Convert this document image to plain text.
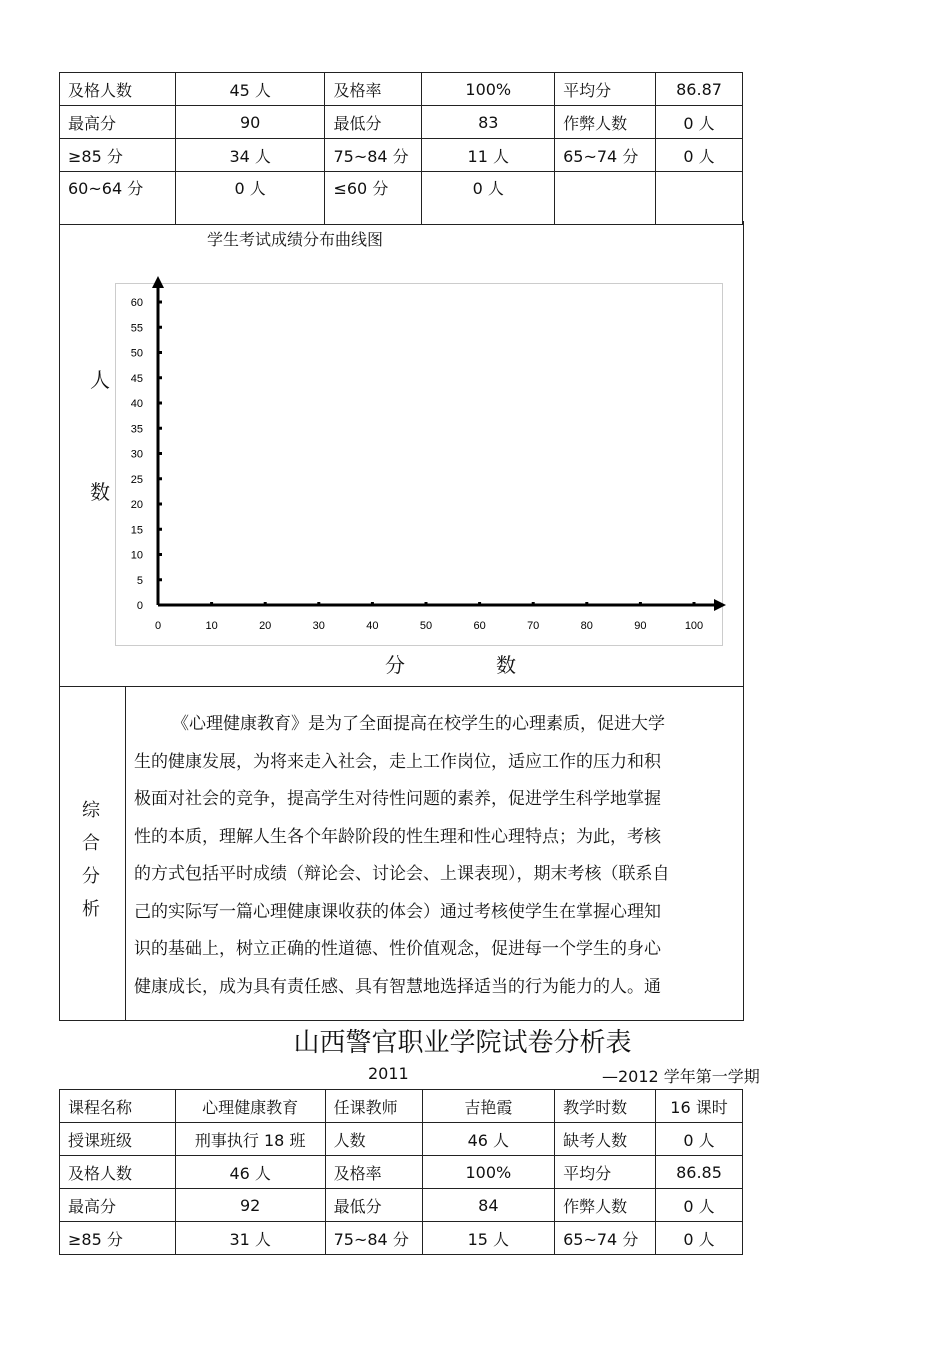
及格人数	45 人	及格率	100%	平均分	86.87
最高分	90	最低分	83	作弊人数	0 人
≥85 分	34 人	75~84 分	11 人	65~74 分	0 人
60~64 分	0 人	≤60 分	0 人		
学生考试成绩分布曲线图
人
数
0	10	20	30	40	50	60	70	80	90	100
0
5
10
15
20
25
30
35
40
45
50
55
60
分	数
综
合
分
析
《心理健康教育》是为了全面提高在校学生的心理素质，促进大学
生的健康发展，为将来走入社会，走上工作岗位，适应工作的压力和积
极面对社会的竞争，提高学生对待性问题的素养，促进学生科学地掌握
性的本质，理解人生各个年龄阶段的性生理和性心理特点；为此，考核
的方式包括平时成绩（辩论会、讨论会、上课表现），期末考核（联系自
己的实际写一篇心理健康课收获的体会）通过考核使学生在掌握心理知
识的基础上，树立正确的性道德、性价值观念，促进每一个学生的身心
健康成长，成为具有责任感、具有智慧地选择适当的行为能力的人。通
山西警官职业学院试卷分析表
2011	—2012 学年第一学期
课程名称	心理健康教育	任课教师	吉艳霞	教学时数	16 课时
授课班级	刑事执行 18 班	人数	46 人	缺考人数	0 人
及格人数	46 人	及格率	100%	平均分	86.85
最高分	92	最低分	84	作弊人数	0 人
≥85 分	31 人	75~84 分	15 人	65~74 分	0 人
